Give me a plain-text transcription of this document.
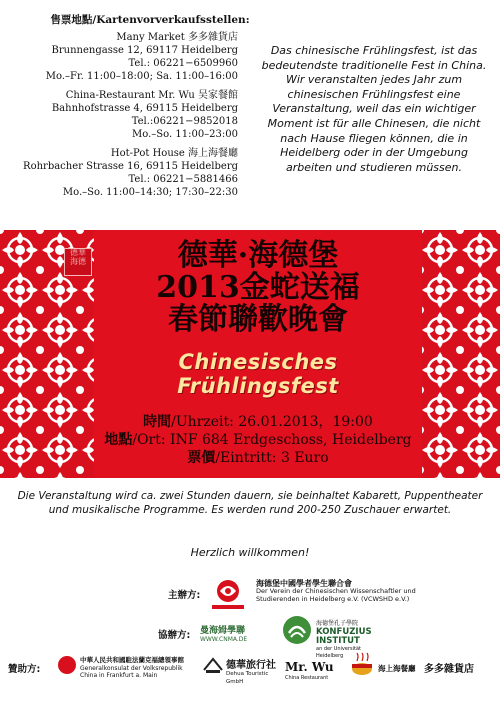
售票地點/Kartenvorverkaufsstellen:
Many Market 多多雜貨店
Brunnengasse 12, 69117 Heidelberg
Tel.: 06221−6509960
Mo.–Fr. 11:00–18:00; Sa. 11:00–16:00
China-Restaurant Mr. Wu 吴家餐館
Bahnhofstrasse 4, 69115 Heidelberg
Tel.:06221−9852018
Mo.–So. 11:00–23:00
Hot-Pot House 海上海餐廳
Rohrbacher Strasse 16, 69115 Heidelberg
Tel.: 06221−5881466
Mo.–So. 11:00–14:30; 17:30–22:30
Das chinesische Frühlingsfest, ist das bedeutendste traditionelle Fest in China. Wir veranstalten jedes Jahr zum chinesischen Frühlingsfest eine Veranstaltung, weil das ein wichtiger Moment ist für alle Chinesen, die nicht nach Hause fliegen können, die in Heidelberg oder in der Umgebung arbeiten und studieren müssen.
德華
海德	德華·海德堡
2013金蛇送福
春節聯歡晚會
Chinesisches
Frühlingsfest
時間/Uhrzeit: 26.01.2013，19:00
地點/Ort: INF 684 Erdgeschoss, Heidelberg
票價/Eintritt: 3 Euro
Die Veranstaltung wird ca. zwei Stunden dauern, sie beinhaltet Kabarett, Puppentheater und musikalische Programme. Es werden rund 200-250 Zuschauer erwartet.
Herzlich willkommen!
主辦方:
海德堡中國學者學生聯合會
Der Verein der Chinesischen Wissenschaftler und Studierenden in Heidelberg e.V. (VCWSHD e.V.)
協辦方: 曼海姆學聯
WWW.CNMA.DE
海德堡孔子學院
KONFUZIUS INSTITUT
an der Universität Heidelberg
贊助方:
中華人民共和國駐法蘭克福總領事館
Generalkonsulat der Volksrepublik China in Frankfurt a. Main
德華旅行社
Dehua Touristic GmbH
Mr. Wu
China Restaurant
海上海餐廳 多多雜貨店
